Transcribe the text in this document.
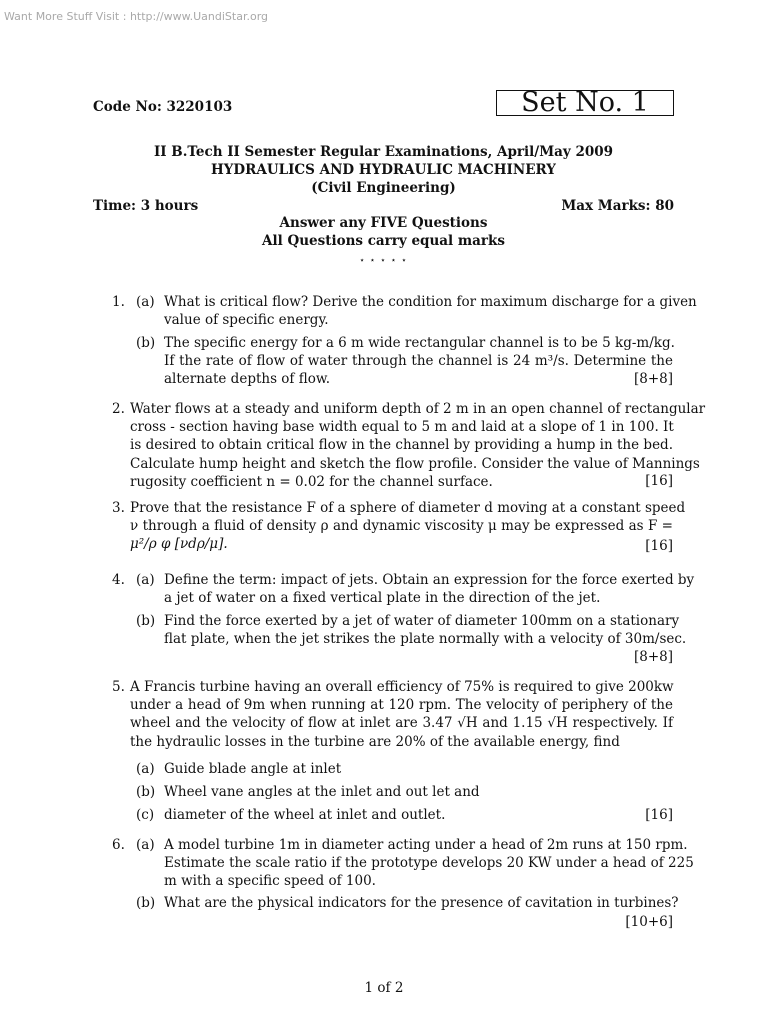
Want More Stuff Visit : http://www.UandiStar.org
Code No: 3220103	Set No. 1
II B.Tech II Semester Regular Examinations, April/May 2009
HYDRAULICS AND HYDRAULIC MACHINERY
(Civil Engineering)
Time: 3 hours	Max Marks: 80
Answer any FIVE Questions
All Questions carry equal marks
⋆ ⋆ ⋆ ⋆ ⋆
1. (a) What is critical flow? Derive the condition for maximum discharge for a given
value of specific energy.
(b) The specific energy for a 6 m wide rectangular channel is to be 5 kg-m/kg.
If the rate of flow of water through the channel is 24 m³/s. Determine the
alternate depths of flow.	[8+8]
2. Water flows at a steady and uniform depth of 2 m in an open channel of rectangular
cross - section having base width equal to 5 m and laid at a slope of 1 in 100. It
is desired to obtain critical flow in the channel by providing a hump in the bed.
Calculate hump height and sketch the flow profile. Consider the value of Mannings
rugosity coefficient n = 0.02 for the channel surface.	[16]
3. Prove that the resistance F of a sphere of diameter d moving at a constant speed
ν through a fluid of density ρ and dynamic viscosity μ may be expressed as F =
μ²/ρ φ [νdρ/μ].	[16]
4. (a) Define the term: impact of jets. Obtain an expression for the force exerted by
a jet of water on a fixed vertical plate in the direction of the jet.
(b) Find the force exerted by a jet of water of diameter 100mm on a stationary
flat plate, when the jet strikes the plate normally with a velocity of 30m/sec.
[8+8]
5. A Francis turbine having an overall efficiency of 75% is required to give 200kw
under a head of 9m when running at 120 rpm. The velocity of periphery of the
wheel and the velocity of flow at inlet are 3.47 √H and 1.15 √H respectively. If
the hydraulic losses in the turbine are 20% of the available energy, find
(a) Guide blade angle at inlet
(b) Wheel vane angles at the inlet and out let and
(c) diameter of the wheel at inlet and outlet.	[16]
6. (a) A model turbine 1m in diameter acting under a head of 2m runs at 150 rpm.
Estimate the scale ratio if the prototype develops 20 KW under a head of 225
m with a specific speed of 100.
(b) What are the physical indicators for the presence of cavitation in turbines?
[10+6]
1 of 2
